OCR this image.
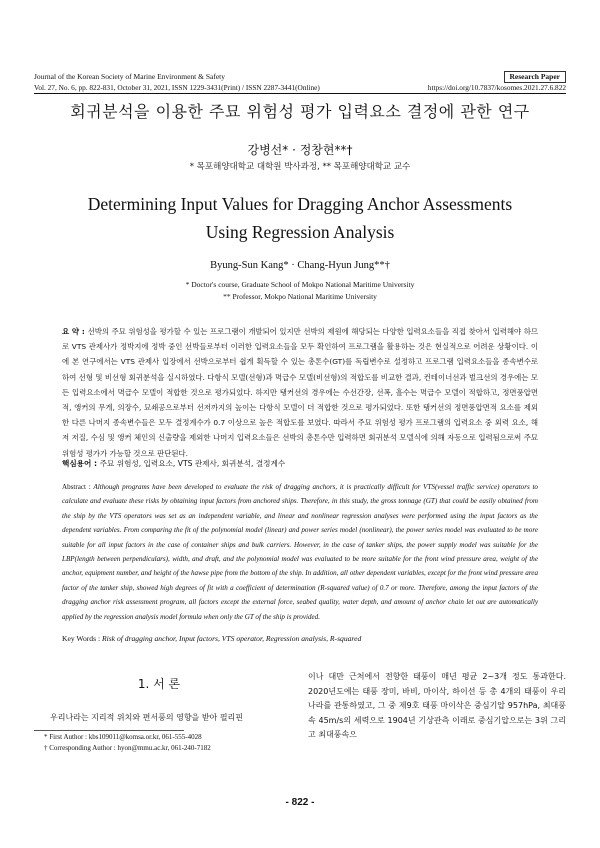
Journal of the Korean Society of Marine Environment & Safety
Vol. 27, No. 6, pp. 822-831, October 31, 2021, ISSN 1229-3431(Print) / ISSN 2287-3441(Online)
Research Paper
https://doi.org/10.7837/kosomes.2021.27.6.822
회귀분석을 이용한 주묘 위험성 평가 입력요소 결정에 관한 연구
강병선* · 정창현**†
* 목포해양대학교 대학원 박사과정, ** 목포해양대학교 교수
Determining Input Values for Dragging Anchor Assessments
Using Regression Analysis
Byung-Sun Kang* · Chang-Hyun Jung**†
* Doctor's course, Graduate School of Mokpo National Maritime University
** Professor, Mokpo National Maritime University
요 약 : 선박의 주묘 위험성을 평가할 수 있는 프로그램이 개발되어 있지만 선박의 제원에 해당되는 다양한 입력요소들을 직접 찾아서 입력해야 하므로 VTS 관제사가 정박지에 정박 중인 선박들로부터 이러한 입력요소들을 모두 확인하여 프로그램을 활용하는 것은 현실적으로 어려운 상황이다. 이에 본 연구에서는 VTS 관제사 입장에서 선박으로부터 쉽게 획득할 수 있는 총톤수(GT)를 독립변수로 설정하고 프로그램 입력요소들을 종속변수로 하여 선형 및 비선형 회귀분석을 실시하였다. 다항식 모델(선형)과 멱급수 모델(비선형)의 적합도를 비교한 결과, 컨테이너선과 벌크선의 경우에는 모든 입력요소에서 멱급수 모델이 적합한 것으로 평가되었다. 하지만 탱커선의 경우에는 수선간장, 선폭, 흘수는 멱급수 모델이 적합하고, 정면풍압면적, 앵커의 무게, 의장수, 묘쇄공으로부터 선저까지의 높이는 다항식 모델이 더 적합한 것으로 평가되었다. 또한 탱커선의 정면풍압면적 요소를 제외한 다른 나머지 종속변수들은 모두 결정계수가 0.7 이상으로 높은 적합도를 보였다. 따라서 주묘 위험성 평가 프로그램의 입력요소 중 외력 요소, 해저 저질, 수심 및 앵커 체인의 신출량을 제외한 나머지 입력요소들은 선박의 총톤수만 입력하면 회귀분석 모델식에 의해 자동으로 입력됨으로써 주묘 위험성 평가가 가능할 것으로 판단된다.
핵심용어 : 주묘 위험성, 입력요소, VTS 관제사, 회귀분석, 결정계수
Abstract : Although programs have been developed to evaluate the risk of dragging anchors, it is practically difficult for VTS(vessel traffic service) operators to calculate and evaluate these risks by obtaining input factors from anchored ships. Therefore, in this study, the gross tonnage (GT) that could be easily obtained from the ship by the VTS operators was set as an independent variable, and linear and nonlinear regression analyses were performed using the input factors as the dependent variables. From comparing the fit of the polynomial model (linear) and power series model (nonlinear), the power series model was evaluated to be more suitable for all input factors in the case of container ships and bulk carriers. However, in the case of tanker ships, the power supply model was suitable for the LBP(length between perpendiculars), width, and draft, and the polynomial model was evaluated to be more suitable for the front wind pressure area, weight of the anchor, equipment number, and height of the hawse pipe from the bottom of the ship. In addition, all other dependent variables, except for the front wind pressure area factor of the tanker ship, showed high degrees of fit with a coefficient of determination (R-squared value) of 0.7 or more. Therefore, among the input factors of the dragging anchor risk assessment program, all factors except the external force, seabed quality, water depth, and amount of anchor chain let out are automatically applied by the regression analysis model formula when only the GT of the ship is provided.
Key Words : Risk of dragging anchor, Input factors, VTS operator, Regression analysis, R-squared
1. 서 론
우리나라는 지리적 위치와 편서풍의 영향을 받아 필리핀
* First Author : kbs109011@komsa.or.kr, 061-555-4028
† Corresponding Author : hyon@mmu.ac.kr, 061-240-7182
이나 대만 근처에서 전향한 태풍이 매년 평균 2~3개 정도 통과한다. 2020년도에는 태풍 장미, 바비, 마이삭, 하이선 등 총 4개의 태풍이 우리나라를 관통하였고, 그 중 제9호 태풍 마이삭은 중심기압 957hPa, 최대풍속 45m/s의 세력으로 1904년 기상관측 이래로 중심기압으로는 3위 그리고 최대풍속으
- 822 -
